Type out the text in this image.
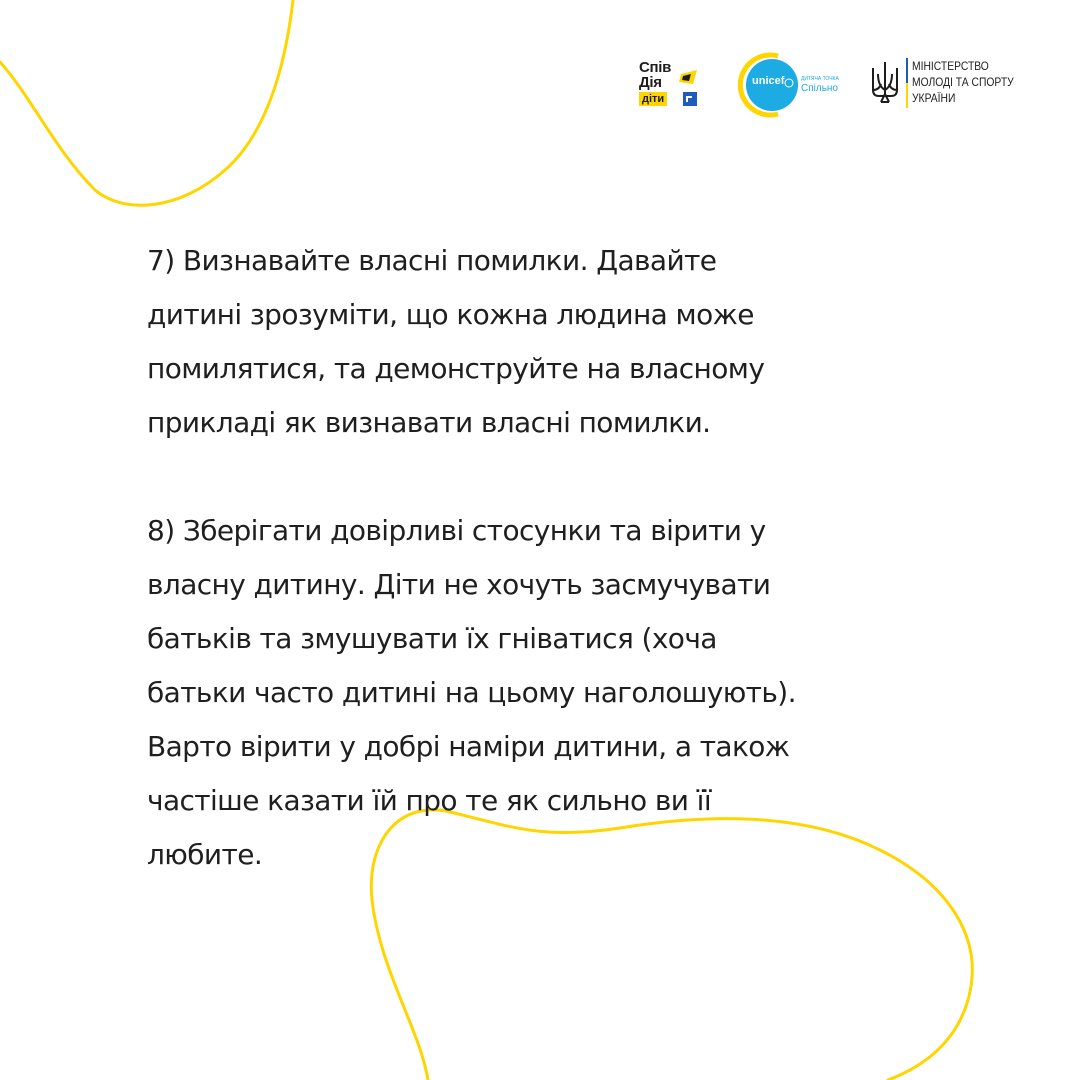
Спів
Дія
діти
unicef	ДИТЯЧА ТОЧКА
Спільно
МІНІСТЕРСТВО
МОЛОДІ ТА СПОРТУ
УКРАЇНИ

7) Визнавайте власні помилки. Давайте
дитині зрозуміти, що кожна людина може
помилятися, та демонструйте на власному
прикладі як визнавати власні помилки.

8) Зберігати довірливі стосунки та вірити у
власну дитину. Діти не хочуть засмучувати
батьків та змушувати їх гніватися (хоча
батьки часто дитині на цьому наголошують).
Варто вірити у добрі наміри дитини, а також
частіше казати їй про те як сильно ви її
любите.
